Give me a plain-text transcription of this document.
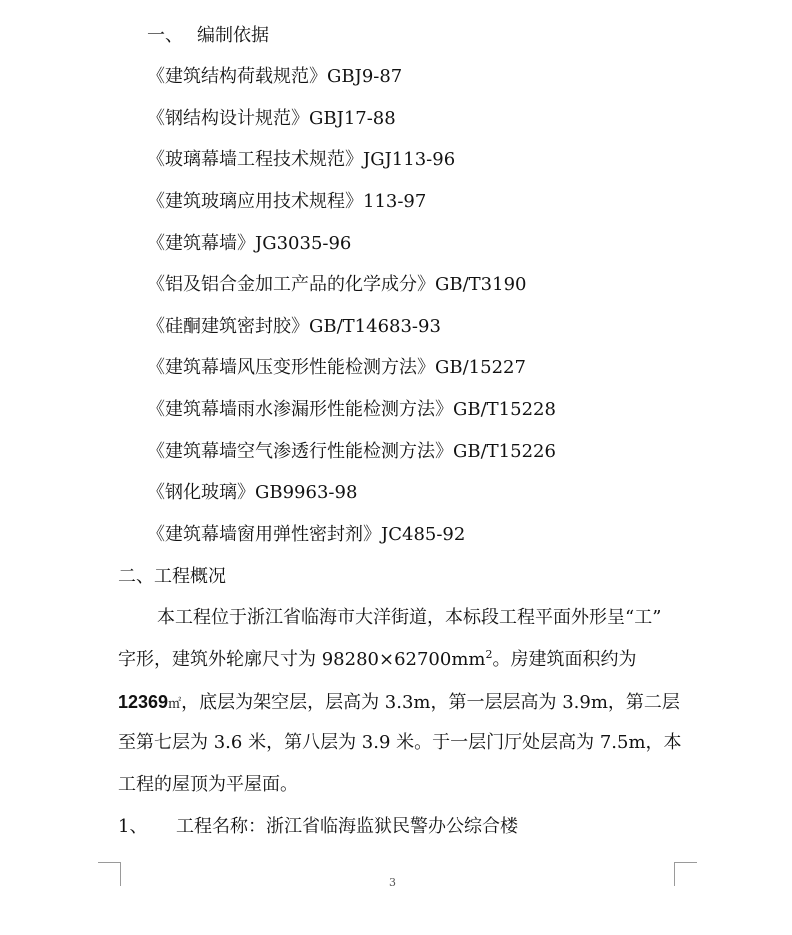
一、 编制依据
《建筑结构荷载规范》GBJ9-87
《钢结构设计规范》GBJ17-88
《玻璃幕墙工程技术规范》JGJ113-96
《建筑玻璃应用技术规程》113-97
《建筑幕墙》JG3035-96
《铝及铝合金加工产品的化学成分》GB/T3190
《硅酮建筑密封胶》GB/T14683-93
《建筑幕墙风压变形性能检测方法》GB/15227
《建筑幕墙雨水渗漏形性能检测方法》GB/T15228
《建筑幕墙空气渗透行性能检测方法》GB/T15226
《钢化玻璃》GB9963-98
《建筑幕墙窗用弹性密封剂》JC485-92
二、工程概况
本工程位于浙江省临海市大洋街道，本标段工程平面外形呈“工”
字形，建筑外轮廓尺寸为 $98280\times 62700mm^2$。房建筑面积约为
12369㎡，底层为架空层，层高为 3.3m，第一层层高为 3.9m，第二层
至第七层为 3.6 米，第八层为 3.9 米。于一层门厅处层高为 7.5m，本
工程的屋顶为平屋面。
1、 工程名称：浙江省临海监狱民警办公综合楼
3
